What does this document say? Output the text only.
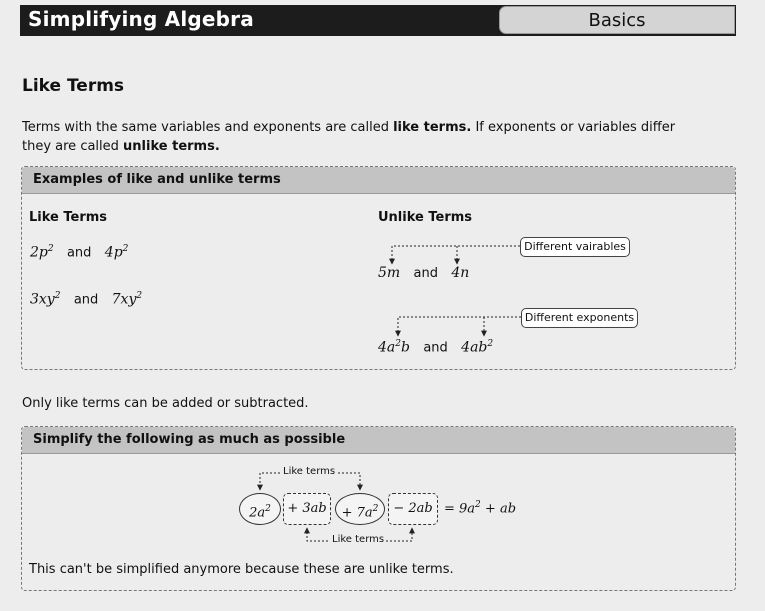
Simplifying Algebra	Basics
Like Terms
Terms with the same variables and exponents are called like terms. If exponents or variables differ they are called unlike terms.
Examples of like and unlike terms
Like Terms	Unlike Terms
$2p^2$ and $4p^2$
$3xy^2$ and $7xy^2$
Different vairables
5m and 4n
Different exponents
$4a^2b$ and $4ab^2$
Only like terms can be added or subtracted.
Simplify the following as much as possible
$2a^2$	+ 3ab	+ $7a^2$	− $2ab = 9a^2$ + ab
Like terms
Like terms
This can't be simplified anymore because these are unlike terms.
